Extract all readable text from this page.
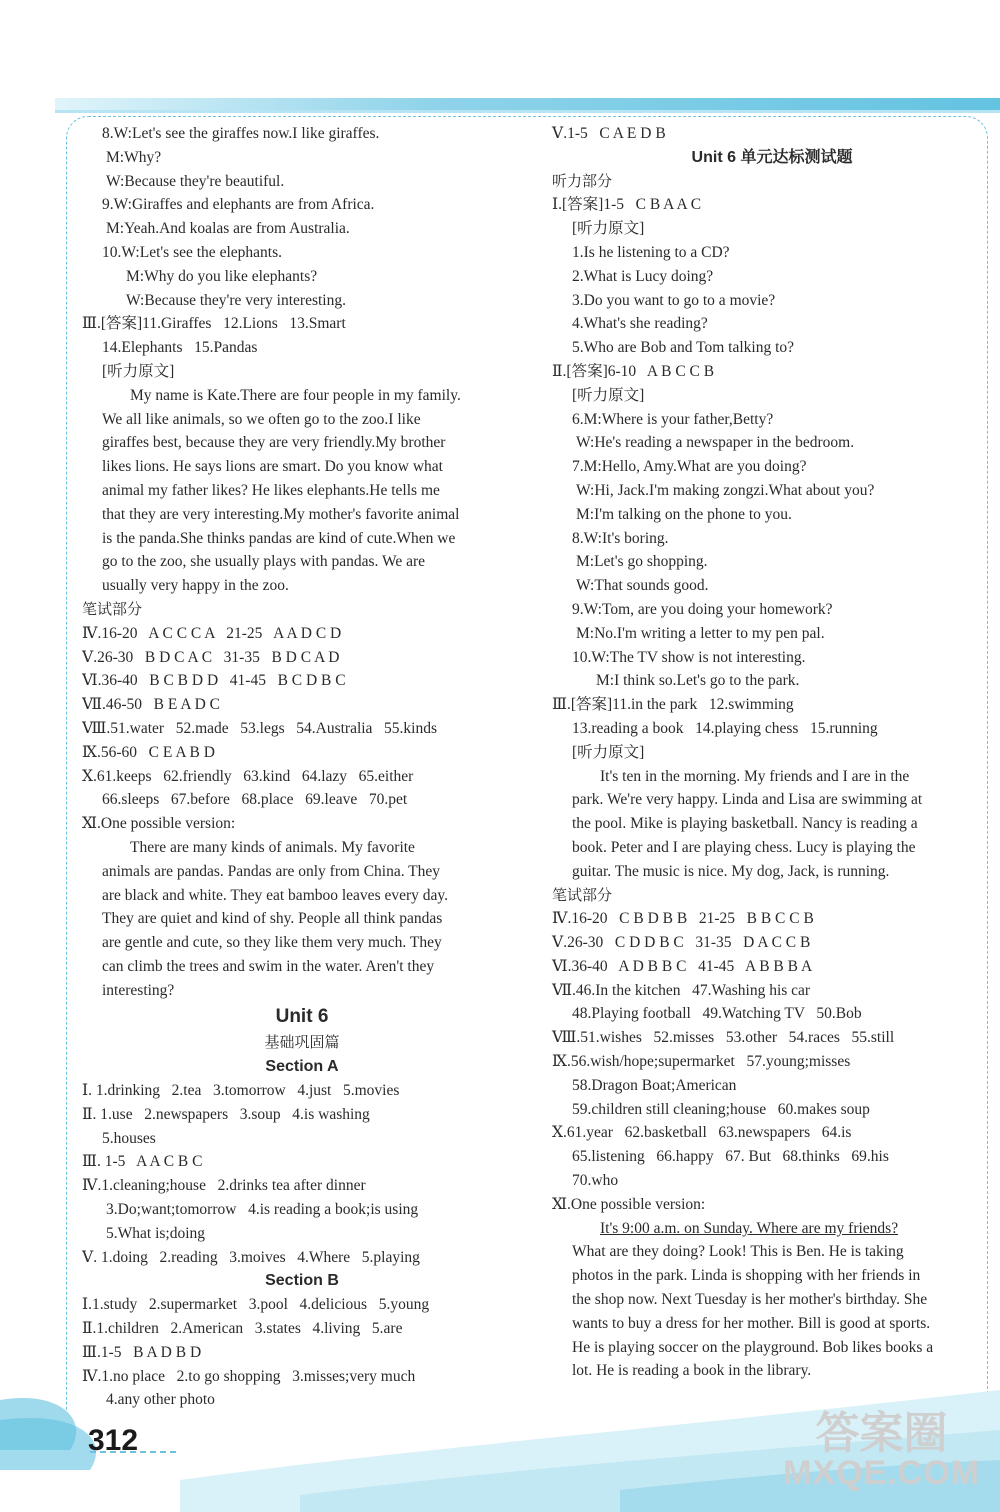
8.W:Let's see the giraffes now.I like giraffes.
M:Why?
W:Because they're beautiful.
9.W:Giraffes and elephants are from Africa.
M:Yeah.And koalas are from Australia.
10.W:Let's see the elephants.
M:Why do you like elephants?
W:Because they're very interesting.
Ⅲ.[答案]11.Giraffes   12.Lions   13.Smart
14.Elephants   15.Pandas
[听力原文]
My name is Kate.There are four people in my family.
We all like animals, so we often go to the zoo.I like
giraffes best, because they are very friendly.My brother
likes lions. He says lions are smart. Do you know what
animal my father likes? He likes elephants.He tells me
that they are very interesting.My mother's favorite animal
is the panda.She thinks pandas are kind of cute.When we
go to the zoo, she usually plays with pandas. We are
usually very happy in the zoo.
笔试部分
Ⅳ.16-20   A C C C A   21-25   A A D C D
Ⅴ.26-30   B D C A C   31-35   B D C A D
Ⅵ.36-40   B C B D D   41-45   B C D B C
Ⅶ.46-50   B E A D C
Ⅷ.51.water   52.made   53.legs   54.Australia   55.kinds
Ⅸ.56-60   C E A B D
Ⅹ.61.keeps   62.friendly   63.kind   64.lazy   65.either
66.sleeps   67.before   68.place   69.leave   70.pet
Ⅺ.One possible version:
There are many kinds of animals. My favorite
animals are pandas. Pandas are only from China. They
are black and white. They eat bamboo leaves every day.
They are quiet and kind of shy. People all think pandas
are gentle and cute, so they like them very much. They
can climb the trees and swim in the water. Aren't they
interesting?
Unit 6
基础巩固篇
Section A
Ⅰ. 1.drinking   2.tea   3.tomorrow   4.just   5.movies
Ⅱ. 1.use   2.newspapers   3.soup   4.is washing
5.houses
Ⅲ. 1-5   A A C B C
Ⅳ.1.cleaning;house   2.drinks tea after dinner
3.Do;want;tomorrow   4.is reading a book;is using
5.What is;doing
Ⅴ. 1.doing   2.reading   3.moives   4.Where   5.playing
Section B
Ⅰ.1.study   2.supermarket   3.pool   4.delicious   5.young
Ⅱ.1.children   2.American   3.states   4.living   5.are
Ⅲ.1-5   B A D B D
Ⅳ.1.no place   2.to go shopping   3.misses;very much
4.any other photo
Ⅴ.1-5   C A E D B
Unit 6 单元达标测试题
听力部分
Ⅰ.[答案]1-5   C B A A C
[听力原文]
1.Is he listening to a CD?
2.What is Lucy doing?
3.Do you want to go to a movie?
4.What's she reading?
5.Who are Bob and Tom talking to?
Ⅱ.[答案]6-10   A B C C B
[听力原文]
6.M:Where is your father,Betty?
W:He's reading a newspaper in the bedroom.
7.M:Hello, Amy.What are you doing?
W:Hi, Jack.I'm making zongzi.What about you?
M:I'm talking on the phone to you.
8.W:It's boring.
M:Let's go shopping.
W:That sounds good.
9.W:Tom, are you doing your homework?
M:No.I'm writing a letter to my pen pal.
10.W:The TV show is not interesting.
M:I think so.Let's go to the park.
Ⅲ.[答案]11.in the park   12.swimming
13.reading a book   14.playing chess   15.running
[听力原文]
It's ten in the morning. My friends and I are in the
park. We're very happy. Linda and Lisa are swimming at
the pool. Mike is playing basketball. Nancy is reading a
book. Peter and I are playing chess. Lucy is playing the
guitar. The music is nice. My dog, Jack, is running.
笔试部分
Ⅳ.16-20   C B D B B   21-25   B B C C B
Ⅴ.26-30   C D D B C   31-35   D A C C B
Ⅵ.36-40   A D B B C   41-45   A B B B A
Ⅶ.46.In the kitchen   47.Washing his car
48.Playing football   49.Watching TV   50.Bob
Ⅷ.51.wishes   52.misses   53.other   54.races   55.still
Ⅸ.56.wish/hope;supermarket   57.young;misses
58.Dragon Boat;American
59.children still cleaning;house   60.makes soup
Ⅹ.61.year   62.basketball   63.newspapers   64.is
65.listening   66.happy   67. But   68.thinks   69.his
70.who
Ⅺ.One possible version:
It's 9:00 a.m. on Sunday. Where are my friends?
What are they doing? Look! This is Ben. He is taking
photos in the park. Linda is shopping with her friends in
the shop now. Next Tuesday is her mother's birthday. She
wants to buy a dress for her mother. Bill is good at sports.
He is playing soccer on the playground. Bob likes books a
lot. He is reading a book in the library.
312	答案圈
MXQE.COM
